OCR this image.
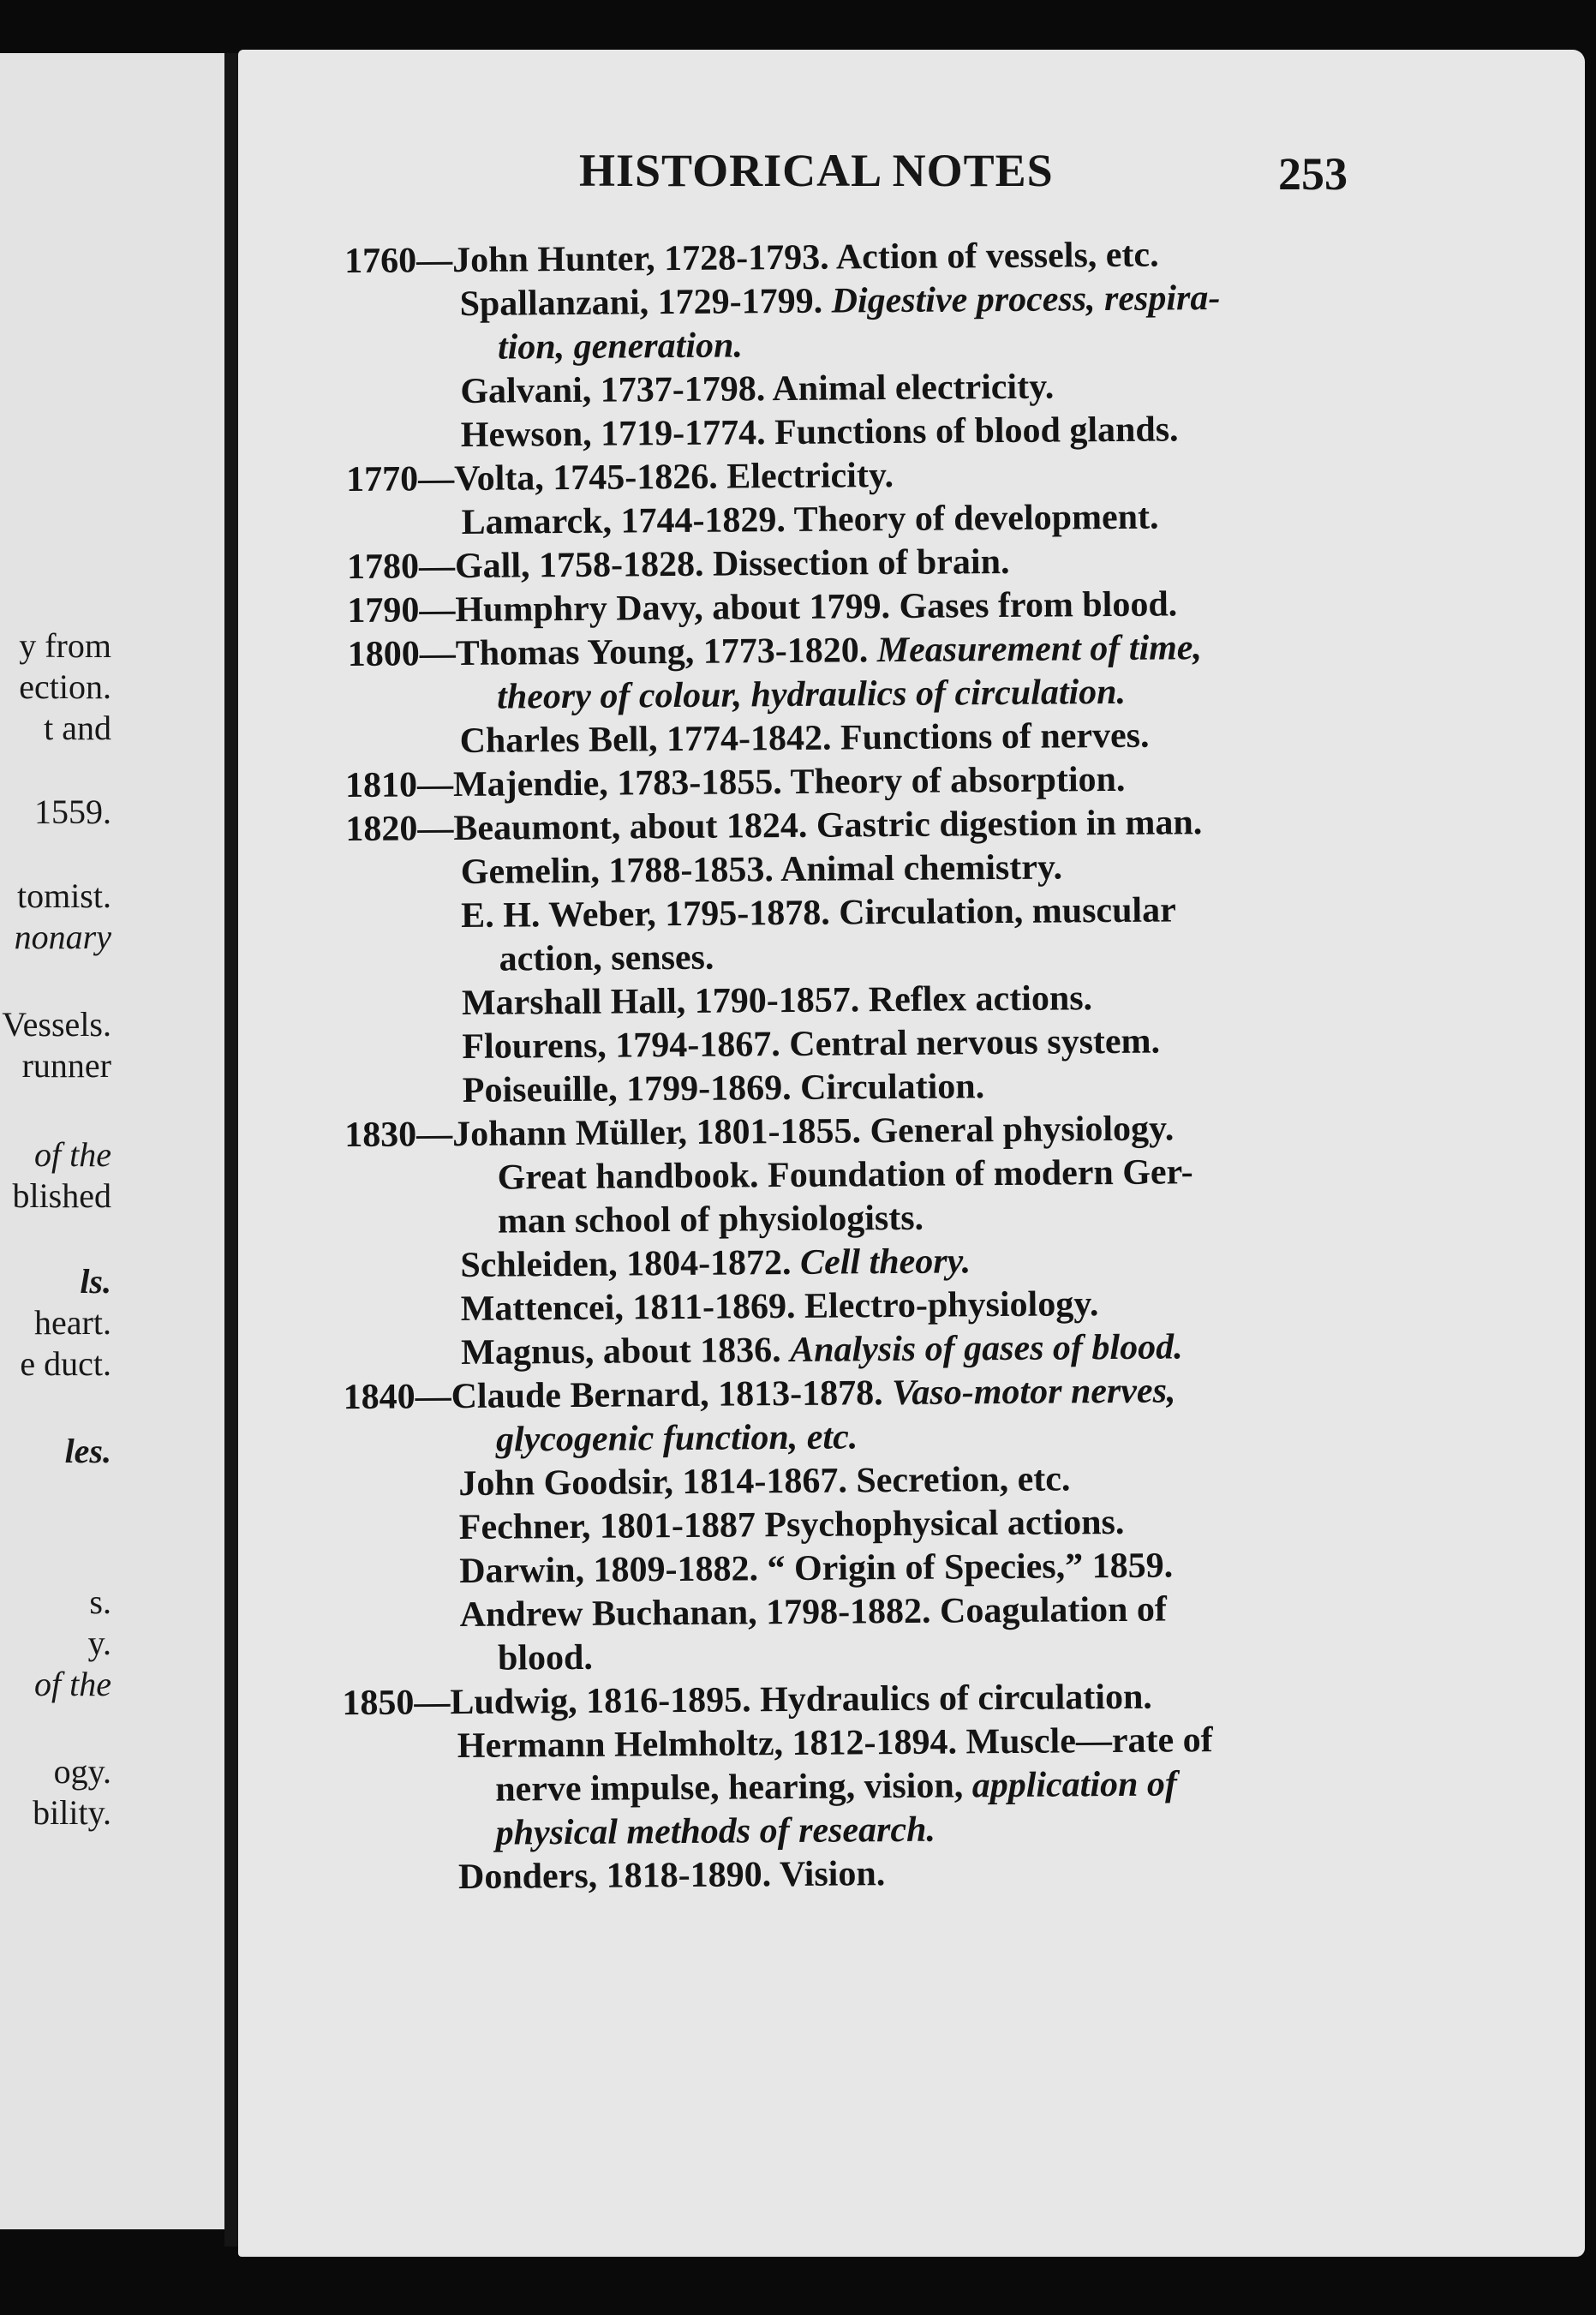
y from
ection.
t and
1559.
tomist.
nonary
Vessels.
runner
of the
blished
ls.
heart.
e duct.
les.
s.
y.
of the
ogy.
bility.
HISTORICAL NOTES	253
1760—John Hunter, 1728-1793. Action of vessels, etc.
Spallanzani, 1729-1799. Digestive process, respira-
tion, generation.
Galvani, 1737-1798. Animal electricity.
Hewson, 1719-1774. Functions of blood glands.
1770—Volta, 1745-1826. Electricity.
Lamarck, 1744-1829. Theory of development.
1780—Gall, 1758-1828. Dissection of brain.
1790—Humphry Davy, about 1799. Gases from blood.
1800—Thomas Young, 1773-1820. Measurement of time,
theory of colour, hydraulics of circulation.
Charles Bell, 1774-1842. Functions of nerves.
1810—Majendie, 1783-1855. Theory of absorption.
1820—Beaumont, about 1824. Gastric digestion in man.
Gemelin, 1788-1853. Animal chemistry.
E. H. Weber, 1795-1878. Circulation, muscular
action, senses.
Marshall Hall, 1790-1857. Reflex actions.
Flourens, 1794-1867. Central nervous system.
Poiseuille, 1799-1869. Circulation.
1830—Johann Müller, 1801-1855. General physiology.
Great handbook. Foundation of modern Ger-
man school of physiologists.
Schleiden, 1804-1872. Cell theory.
Mattencei, 1811-1869. Electro-physiology.
Magnus, about 1836. Analysis of gases of blood.
1840—Claude Bernard, 1813-1878. Vaso-motor nerves,
glycogenic function, etc.
John Goodsir, 1814-1867. Secretion, etc.
Fechner, 1801-1887 Psychophysical actions.
Darwin, 1809-1882. “ Origin of Species,” 1859.
Andrew Buchanan, 1798-1882. Coagulation of
blood.
1850—Ludwig, 1816-1895. Hydraulics of circulation.
Hermann Helmholtz, 1812-1894. Muscle—rate of
nerve impulse, hearing, vision, application of
physical methods of research.
Donders, 1818-1890. Vision.
